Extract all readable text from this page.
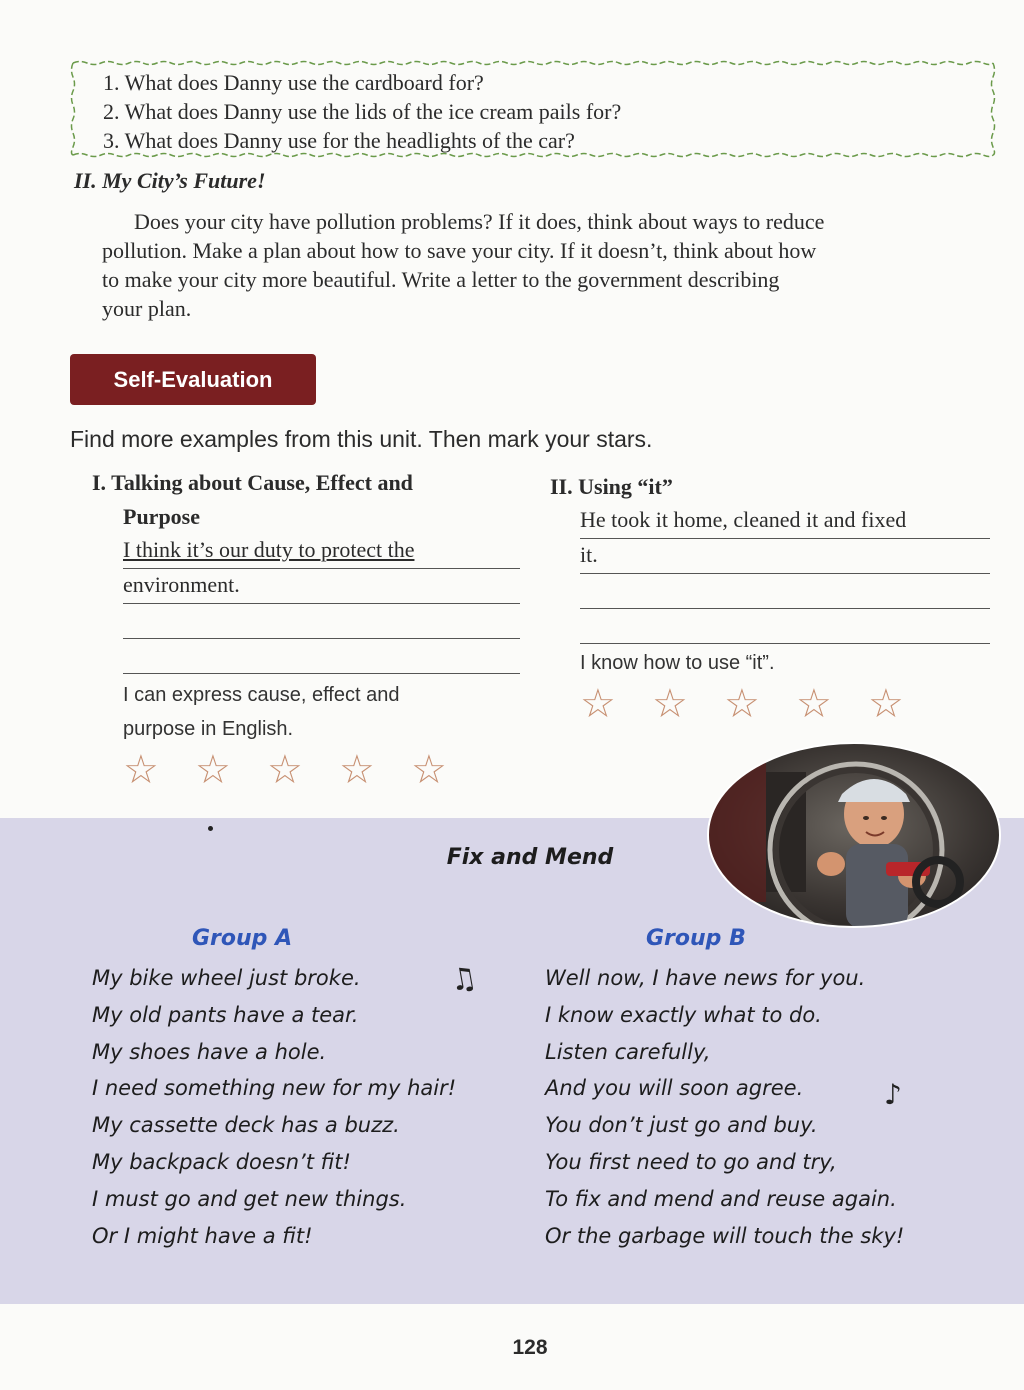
1. What does Danny use the cardboard for?
2. What does Danny use the lids of the ice cream pails for?
3. What does Danny use for the headlights of the car?
II. My City’s Future!

Does your city have pollution problems? If it does, think about ways to reduce

pollution. Make a plan about how to save your city. If it doesn’t, think about how

to make your city more beautiful. Write a letter to the government describing

your plan.

Self-Evaluation
Find more examples from this unit. Then mark your stars.
I. Talking about Cause, Effect and
Purpose
I think it’s our duty to protect the
environment.
I can express cause, effect and
purpose in English.
☆ ☆ ☆ ☆ ☆
II. Using “it”
He took it home, cleaned it and fixed
it.
I know how to use “it”.
☆ ☆ ☆ ☆ ☆
Fix and Mend
Group A	Group B
My bike wheel just broke.
My old pants have a tear.
My shoes have a hole.
I need something new for my hair!
My cassette deck has a buzz.
My backpack doesn’t fit!
I must go and get new things.
Or I might have a fit!
Well now, I have news for you.
I know exactly what to do.
Listen carefully,
And you will soon agree.
You don’t just go and buy.
You first need to go and try,
To fix and mend and reuse again.
Or the garbage will touch the sky!
♫
♪
128
